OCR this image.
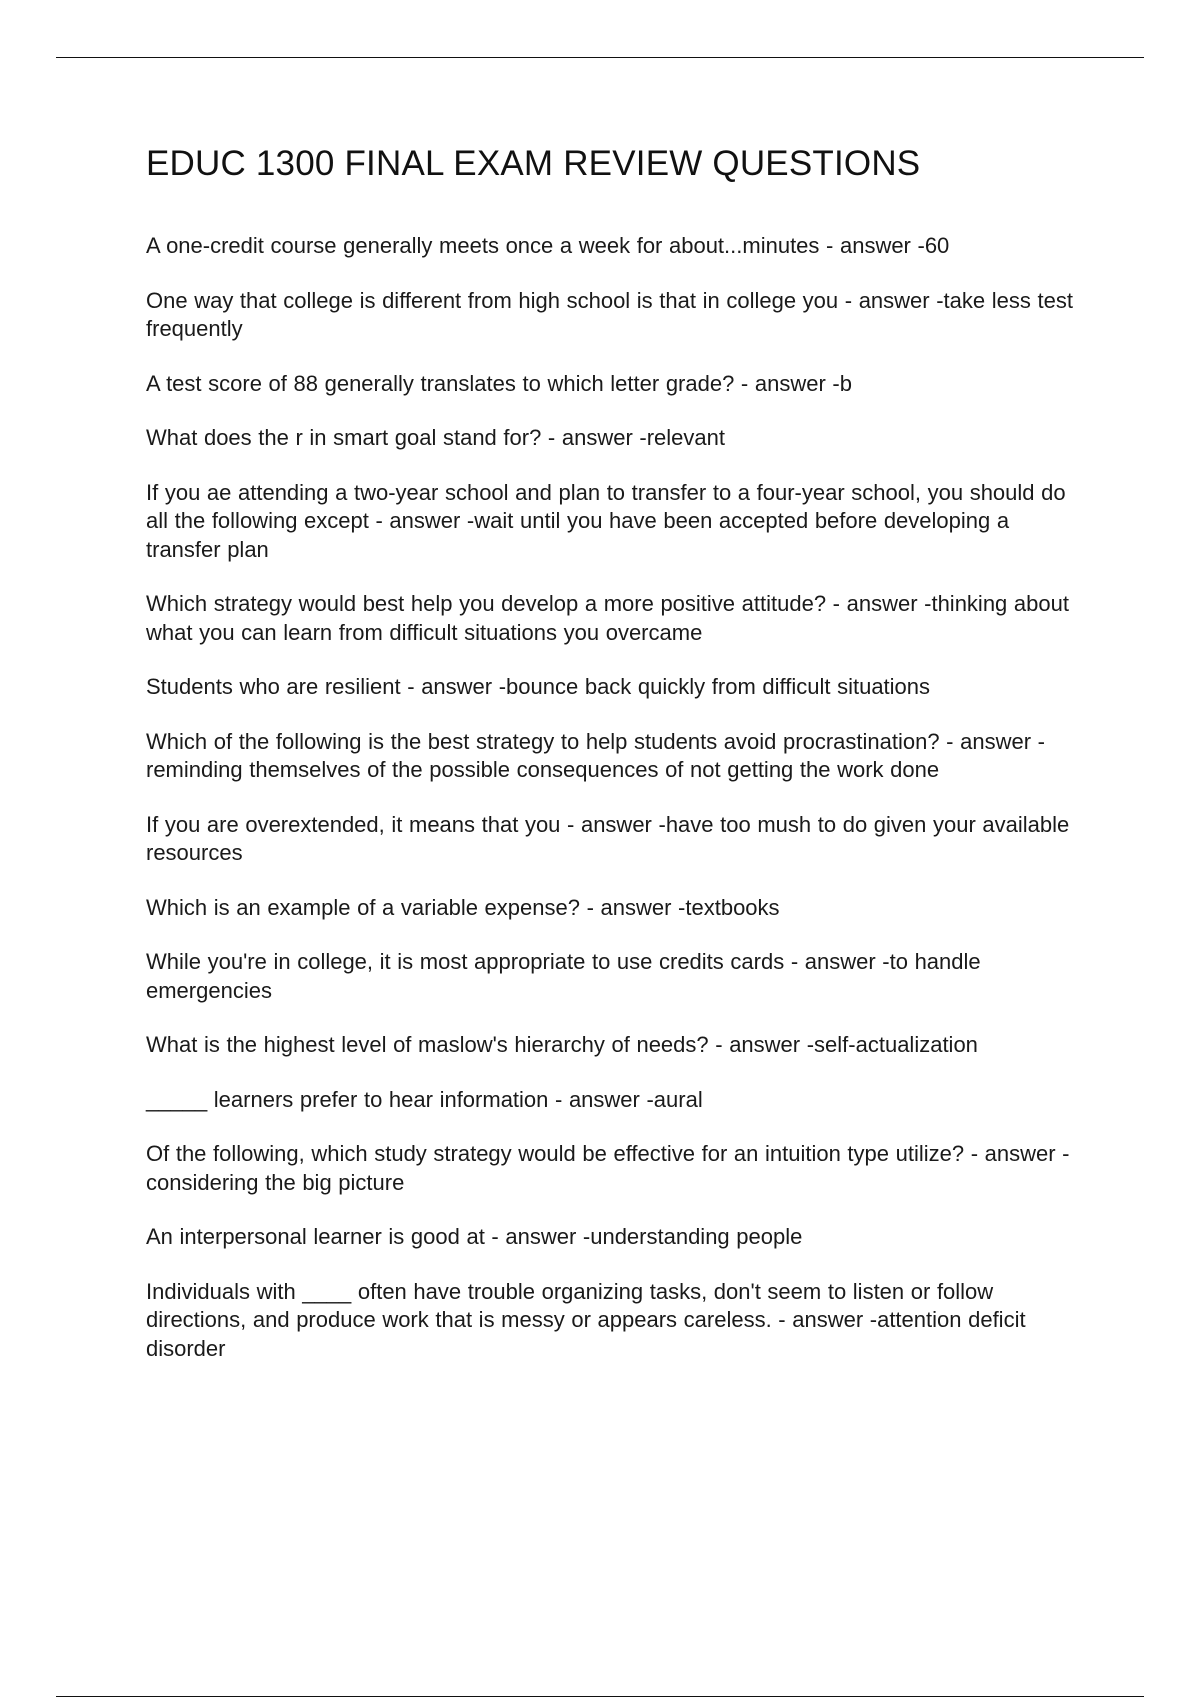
EDUC 1300 FINAL EXAM REVIEW QUESTIONS
A one-credit course generally meets once a week for about...minutes - answer -60
One way that college is different from high school is that in college you - answer -take less test frequently
A test score of 88 generally translates to which letter grade? - answer -b
What does the r in smart goal stand for? - answer -relevant
If you ae attending a two-year school and plan to transfer to a four-year school, you should do all the following except - answer -wait until you have been accepted before developing a transfer plan
Which strategy would best help you develop a more positive attitude? - answer -thinking about what you can learn from difficult situations you overcame
Students who are resilient - answer -bounce back quickly from difficult situations
Which of the following is the best strategy to help students avoid procrastination? - answer -reminding themselves of the possible consequences of not getting the work done
If you are overextended, it means that you - answer -have too mush to do given your available resources
Which is an example of a variable expense? - answer -textbooks
While you're in college, it is most appropriate to use credits cards - answer -to handle emergencies
What is the highest level of maslow's hierarchy of needs? - answer -self-actualization
_____ learners prefer to hear information - answer -aural
Of the following, which study strategy would be effective for an intuition type utilize? - answer -considering the big picture
An interpersonal learner is good at - answer -understanding people
Individuals with ____ often have trouble organizing tasks, don't seem to listen or follow directions, and produce work that is messy or appears careless. - answer -attention deficit disorder
